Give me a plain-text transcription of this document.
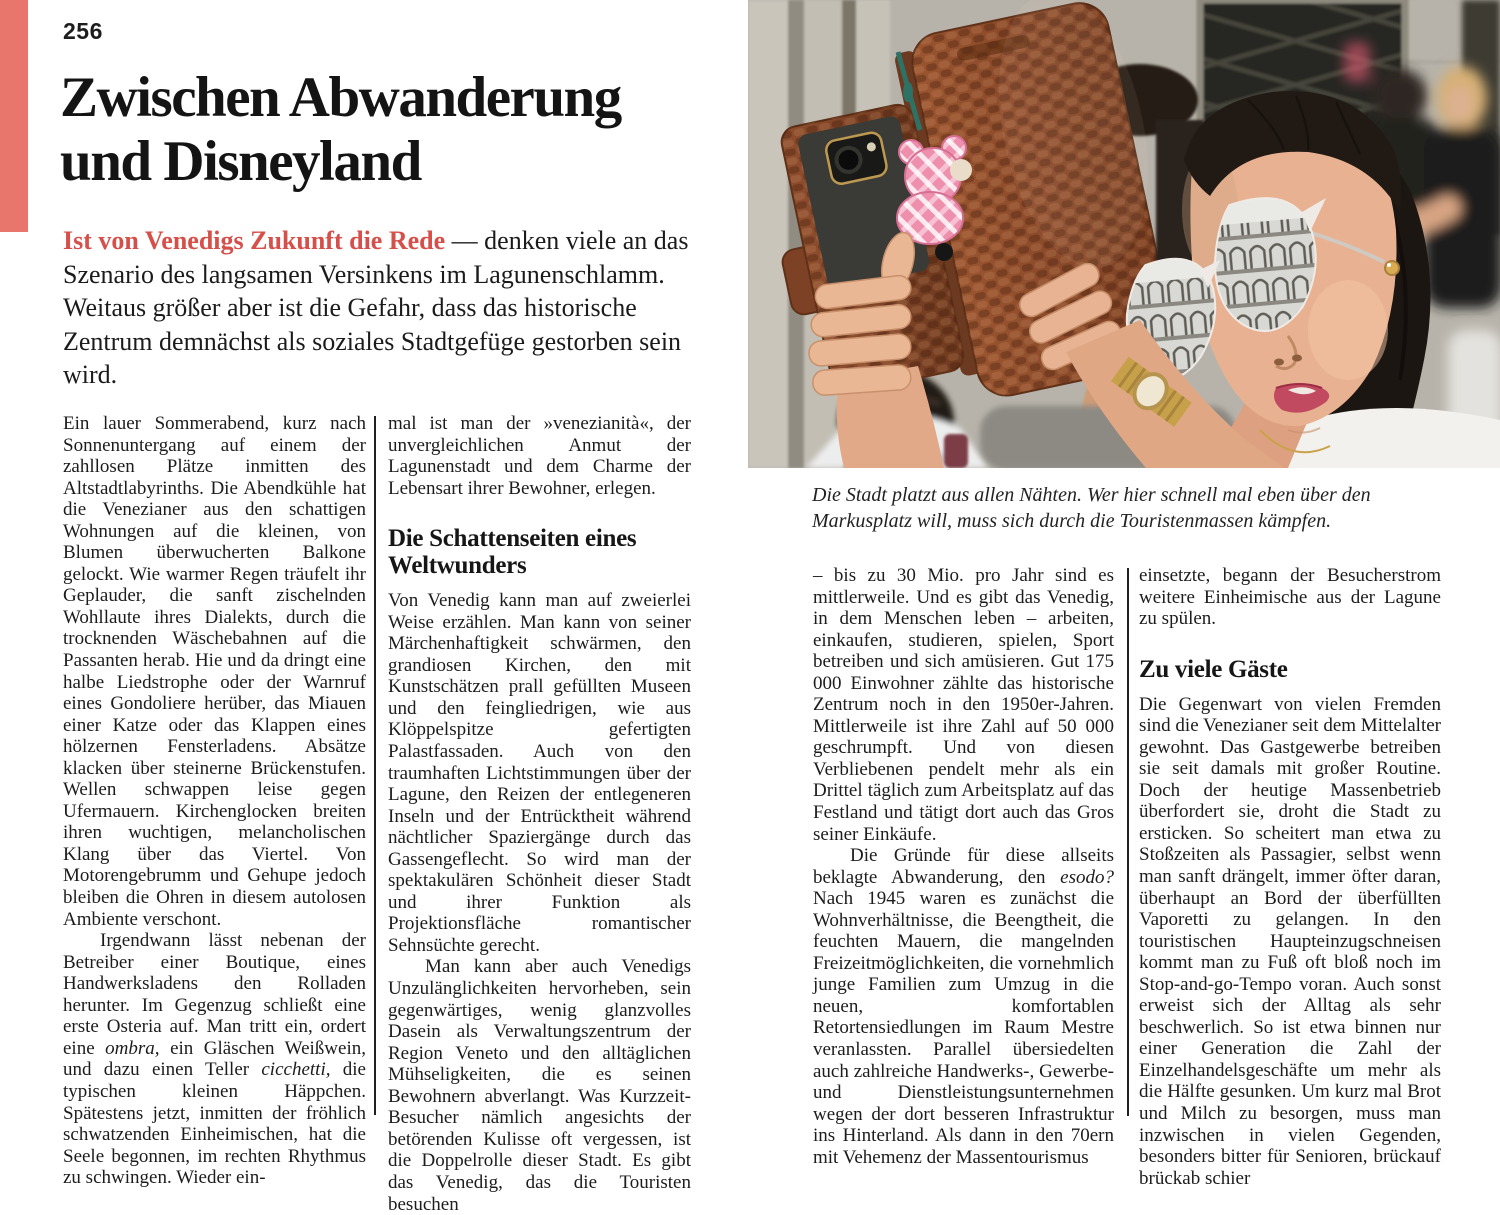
256
Zwischen Abwanderung
und Disneyland
Ist von Venedigs Zukunft die Rede — denken viele an das Szenario des langsamen Versinkens im Lagunenschlamm. Weitaus größer aber ist die Gefahr, dass das historische Zentrum demnächst als soziales Stadtgefüge gestorben sein wird.
Die Stadt platzt aus allen Nähten. Wer hier schnell mal eben über den Markusplatz will, muss sich durch die Touristenmassen kämpfen.

Ein lauer Sommerabend, kurz nach Sonnenuntergang auf einem der zahllosen Plätze inmitten des Altstadtlabyrinths. Die Abendkühle hat die Venezianer aus den schattigen Wohnungen auf die kleinen, von Blumen überwucherten Balkone gelockt. Wie warmer Regen träufelt ihr Geplauder, die sanft zischelnden Wohllaute ihres Dialekts, durch die trocknenden Wäschebahnen auf die Passanten herab. Hie und da dringt eine halbe Liedstrophe oder der Warnruf eines Gondoliere herüber, das Miauen einer Katze oder das Klappen eines hölzernen Fensterladens. Absätze klacken über steinerne Brückenstufen. Wellen schwappen leise gegen Ufermauern. Kirchenglocken breiten ihren wuchtigen, melancholischen Klang über das Viertel. Von Motorengebrumm und Gehupe jedoch bleiben die Ohren in diesem autolosen Ambiente verschont.

Irgendwann lässt nebenan der Betreiber einer Boutique, eines Handwerksladens den Rolladen herunter. Im Gegenzug schließt eine erste Osteria auf. Man tritt ein, ordert eine ombra, ein Gläschen Weißwein, und dazu einen Teller cicchetti, die typischen kleinen Häppchen. Spätestens jetzt, inmitten der fröhlich schwatzenden Einheimischen, hat die Seele begonnen, im rechten Rhythmus zu schwingen. Wieder ein-

mal ist man der »venezianità«, der unvergleichlichen Anmut der Lagunenstadt und dem Charme der Lebensart ihrer Bewohner, erlegen.

Die Schattenseiten eines Weltwunders

Von Venedig kann man auf zweierlei Weise erzählen. Man kann von seiner Märchenhaftigkeit schwärmen, den grandiosen Kirchen, den mit Kunstschätzen prall gefüllten Museen und den feingliedrigen, wie aus Klöppelspitze gefertigten Palastfassaden. Auch von den traumhaften Lichtstimmungen über der Lagune, den Reizen der entlegeneren Inseln und der Entrücktheit während nächtlicher Spaziergänge durch das Gassengeflecht. So wird man der spektakulären Schönheit dieser Stadt und ihrer Funktion als Projektionsfläche romantischer Sehnsüchte gerecht.

Man kann aber auch Venedigs Unzulänglichkeiten hervorheben, sein gegenwärtiges, wenig glanzvolles Dasein als Verwaltungszentrum der Region Veneto und den alltäglichen Mühseligkeiten, die es seinen Bewohnern abverlangt. Was Kurzzeit-Besucher nämlich angesichts der betörenden Kulisse oft vergessen, ist die Doppelrolle dieser Stadt. Es gibt das Venedig, das die Touristen besuchen

– bis zu 30 Mio. pro Jahr sind es mittlerweile. Und es gibt das Venedig, in dem Menschen leben – arbeiten, einkaufen, studieren, spielen, Sport betreiben und sich amüsieren. Gut 175 000 Einwohner zählte das historische Zentrum noch in den 1950er-Jahren. Mittlerweile ist ihre Zahl auf 50 000 geschrumpft. Und von diesen Verbliebenen pendelt mehr als ein Drittel täglich zum Arbeitsplatz auf das Festland und tätigt dort auch das Gros seiner Einkäufe.

Die Gründe für diese allseits beklagte Abwanderung, den esodo? Nach 1945 waren es zunächst die Wohnverhältnisse, die Beengtheit, die feuchten Mauern, die mangelnden Freizeitmöglichkeiten, die vornehmlich junge Familien zum Umzug in die neuen, komfortablen Retortensiedlungen im Raum Mestre veranlassten. Parallel übersiedelten auch zahlreiche Handwerks-, Gewerbe- und Dienstleistungsunternehmen wegen der dort besseren Infrastruktur ins Hinterland. Als dann in den 70ern mit Vehemenz der Massentourismus

einsetzte, begann der Besucherstrom weitere Einheimische aus der Lagune zu spülen.

Zu viele Gäste

Die Gegenwart von vielen Fremden sind die Venezianer seit dem Mittelalter gewohnt. Das Gastgewerbe betreiben sie seit damals mit großer Routine. Doch der heutige Massenbetrieb überfordert sie, droht die Stadt zu ersticken. So scheitert man etwa zu Stoßzeiten als Passagier, selbst wenn man sanft drängelt, immer öfter daran, überhaupt an Bord der überfüllten Vaporetti zu gelangen. In den touristischen Haupteinzugschneisen kommt man zu Fuß oft bloß noch im Stop-and-go-Tempo voran. Auch sonst erweist sich der Alltag als sehr beschwerlich. So ist etwa binnen nur einer Generation die Zahl der Einzelhandelsgeschäfte um mehr als die Hälfte gesunken. Um kurz mal Brot und Milch zu besorgen, muss man inzwischen in vielen Gegenden, besonders bitter für Senioren, brückauf brückab schier
